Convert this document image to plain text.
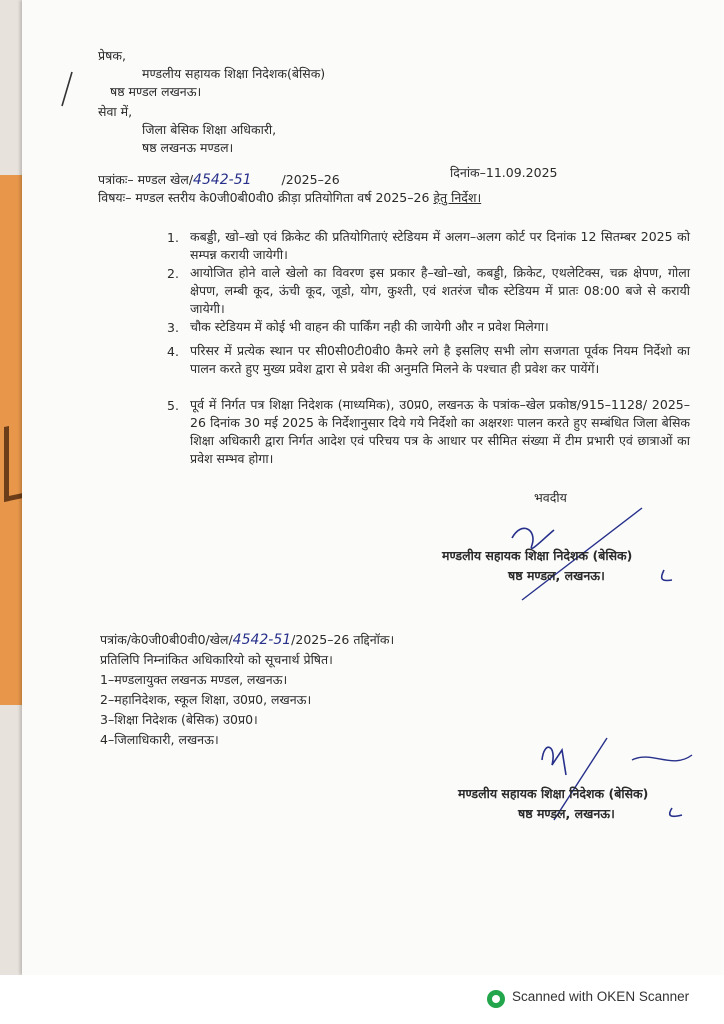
प्रेषक,
मण्डलीय सहायक शिक्षा निदेशक(बेसिक)
षष्ठ मण्डल लखनऊ।
सेवा में,
जिला बेसिक शिक्षा अधिकारी,
षष्ठ लखनऊ मण्डल।
पत्रांकः– मण्डल खेल/4542-51 /2025–26	दिनांक–11.09.2025
विषयः– मण्डल स्तरीय के0जी0बी0वी0 क्रीड़ा प्रतियोगिता वर्ष 2025–26 हेतु निर्देश।
1. कबड्डी, खो–खो एवं क्रिकेट की प्रतियोगिताएं स्टेडियम में अलग–अलग कोर्ट पर दिनांक 12 सितम्बर 2025 को सम्पन्न करायी जायेगी।
2. आयोजित होने वाले खेलो का विवरण इस प्रकार है–खो–खो, कबड्डी, क्रिकेट, एथलेटिक्स, चक्र क्षेपण, गोला क्षेपण, लम्बी कूद, ऊंची कूद, जूडो, योग, कुश्ती, एवं शतरंज चौक स्टेडियम में प्रातः 08:00 बजे से करायी जायेगी।
3. चौक स्टेडियम में कोई भी वाहन की पार्किंग नही की जायेगी और न प्रवेश मिलेगा।
4. परिसर में प्रत्येक स्थान पर सी0सी0टी0वी0 कैमरे लगे है इसलिए सभी लोग सजगता पूर्वक नियम निर्देशो का पालन करते हुए मुख्य प्रवेश द्वारा से प्रवेश की अनुमति मिलने के पश्चात ही प्रवेश कर पायेंगें।
5. पूर्व में निर्गत पत्र शिक्षा निदेशक (माध्यमिक), उ0प्र0, लखनऊ के पत्रांक–खेल प्रकोष्ठ/915–1128/ 2025–26 दिनांक 30 मई 2025 के निर्देशानुसार दिये गये निर्देशो का अक्षरशः पालन करते हुए सम्बंधित जिला बेसिक शिक्षा अधिकारी द्वारा निर्गत आदेश एवं परिचय पत्र के आधार पर सीमित संख्या में टीम प्रभारी एवं छात्राओं का प्रवेश सम्भव होगा।
भवदीय
मण्डलीय सहायक शिक्षा निदेशक (बेसिक)
षष्ठ मण्डल, लखनऊ।
पत्रांक/के0जी0बी0वी0/खेल/4542-51/2025–26 तद्दिनॉक।
प्रतिलिपि निम्नांकित अधिकारियो को सूचनार्थ प्रेषित।
1–मण्डलायुक्त लखनऊ मण्डल, लखनऊ।
2–महानिदेशक, स्कूल शिक्षा, उ0प्र0, लखनऊ।
3–शिक्षा निदेशक (बेसिक) उ0प्र0।
4–जिलाधिकारी, लखनऊ।
मण्डलीय सहायक शिक्षा निदेशक (बेसिक)
षष्ठ मण्डल, लखनऊ।
Scanned with OKEN Scanner
